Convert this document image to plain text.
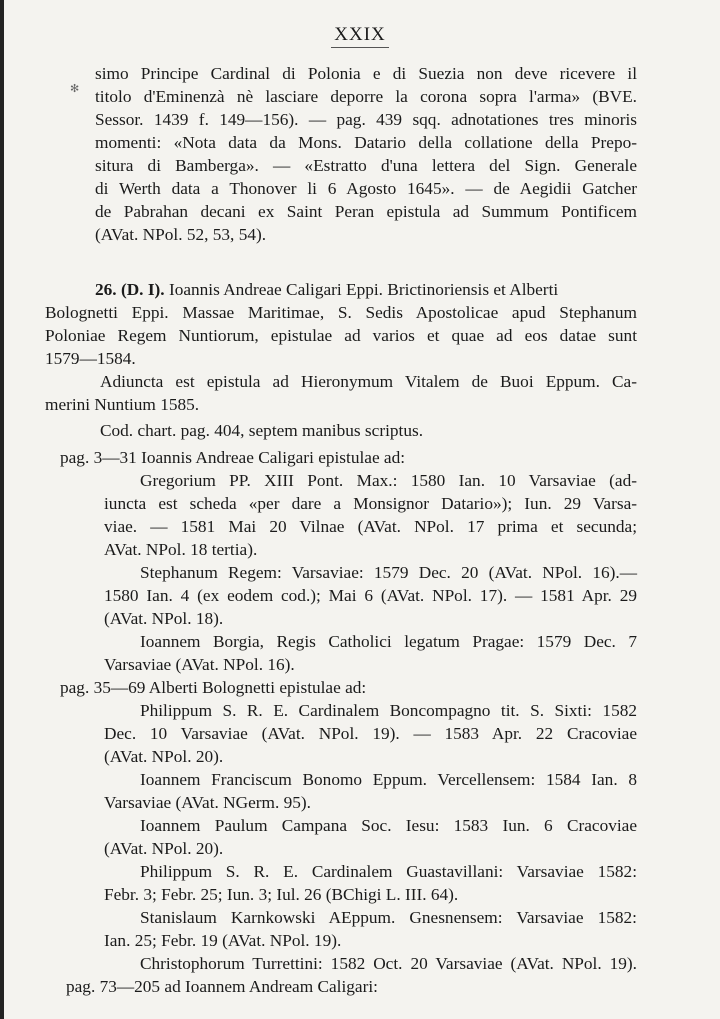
XXIX
✻
simo Principe Cardinal di Polonia e di Suezia non deve ricevere il
titolo d'Eminenzà nè lasciare deporre la corona sopra l'arma» (BVE.
Sessor. 1439 f. 149—156). — pag. 439 sqq. adnotationes tres minoris
momenti: «Nota data da Mons. Datario della collatione della Prepo-
situra di Bamberga». — «Estratto d'una lettera del Sign. Generale
di Werth data a Thonover li 6 Agosto 1645». — de Aegidii Gatcher
de Pabrahan decani ex Saint Peran epistula ad Summum Pontificem
(AVat. NPol. 52, 53, 54).
26. (D. I). Ioannis Andreae Caligari Eppi. Brictinoriensis et Alberti
Bolognetti Eppi. Massae Maritimae, S. Sedis Apostolicae apud Stephanum
Poloniae Regem Nuntiorum, epistulae ad varios et quae ad eos datae sunt
1579—1584.
Adiuncta est epistula ad Hieronymum Vitalem de Buoi Eppum. Ca-
merini Nuntium 1585.
Cod. chart. pag. 404, septem manibus scriptus.
pag. 3—31 Ioannis Andreae Caligari epistulae ad:
Gregorium PP. XIII Pont. Max.: 1580 Ian. 10 Varsaviae (ad-
iuncta est scheda «per dare a Monsignor Datario»); Iun. 29 Varsa-
viae. — 1581 Mai 20 Vilnae (AVat. NPol. 17 prima et secunda;
AVat. NPol. 18 tertia).
Stephanum Regem: Varsaviae: 1579 Dec. 20 (AVat. NPol. 16).—
1580 Ian. 4 (ex eodem cod.); Mai 6 (AVat. NPol. 17). — 1581 Apr. 29
(AVat. NPol. 18).
Ioannem Borgia, Regis Catholici legatum Pragae: 1579 Dec. 7
Varsaviae (AVat. NPol. 16).
pag. 35—69 Alberti Bolognetti epistulae ad:
Philippum S. R. E. Cardinalem Boncompagno tit. S. Sixti: 1582
Dec. 10 Varsaviae (AVat. NPol. 19). — 1583 Apr. 22 Cracoviae
(AVat. NPol. 20).
Ioannem Franciscum Bonomo Eppum. Vercellensem: 1584 Ian. 8
Varsaviae (AVat. NGerm. 95).
Ioannem Paulum Campana Soc. Iesu: 1583 Iun. 6 Cracoviae
(AVat. NPol. 20).
Philippum S. R. E. Cardinalem Guastavillani: Varsaviae 1582:
Febr. 3; Febr. 25; Iun. 3; Iul. 26 (BChigi L. III. 64).
Stanislaum Karnkowski AEppum. Gnesnensem: Varsaviae 1582:
Ian. 25; Febr. 19 (AVat. NPol. 19).
Christophorum Turrettini: 1582 Oct. 20 Varsaviae (AVat. NPol. 19).
pag. 73—205 ad Ioannem Andream Caligari:
